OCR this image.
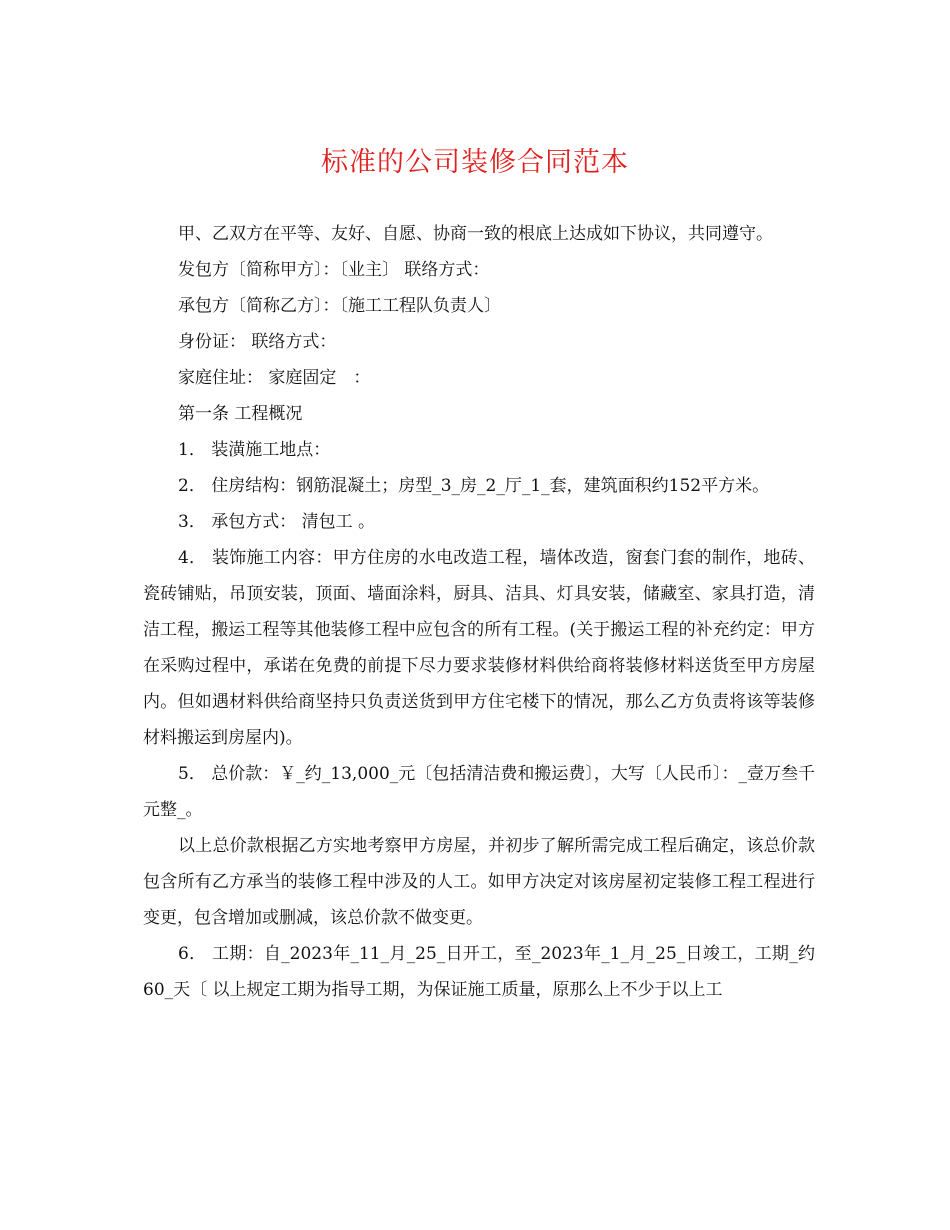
标准的公司装修合同范本

甲、乙双方在平等、友好、自愿、协商一致的根底上达成如下协议，共同遵守。

发包方〔简称甲方〕：〔业主〕 联络方式：

承包方〔简称乙方〕：〔施工工程队负责人〕

身份证： 联络方式：

家庭住址： 家庭固定　：

第一条 工程概况

1． 装潢施工地点：

2． 住房结构：钢筋混凝土；房型_3_房_2_厅_1_套，建筑面积约152平方米。

3． 承包方式： 清包工 。

4． 装饰施工内容：甲方住房的水电改造工程，墙体改造，窗套门套的制作，地砖、瓷砖铺贴，吊顶安装，顶面、墙面涂料，厨具、洁具、灯具安装，储藏室、家具打造，清洁工程，搬运工程等其他装修工程中应包含的所有工程。(关于搬运工程的补充约定：甲方在采购过程中，承诺在免费的前提下尽力要求装修材料供给商将装修材料送货至甲方房屋内。但如遇材料供给商坚持只负责送货到甲方住宅楼下的情况，那么乙方负责将该等装修材料搬运到房屋内)。

5． 总价款：￥_约_13,000_元〔包括清洁费和搬运费〕，大写〔人民币〕：_壹万叁千元整_。

以上总价款根据乙方实地考察甲方房屋，并初步了解所需完成工程后确定，该总价款包含所有乙方承当的装修工程中涉及的人工。如甲方决定对该房屋初定装修工程工程进行变更，包含增加或删减，该总价款不做变更。

6． 工期：自_2023年_11_月_25_日开工，至_2023年_1_月_25_日竣工，工期_约60_天〔 以上规定工期为指导工期，为保证施工质量，原那么上不少于以上工
